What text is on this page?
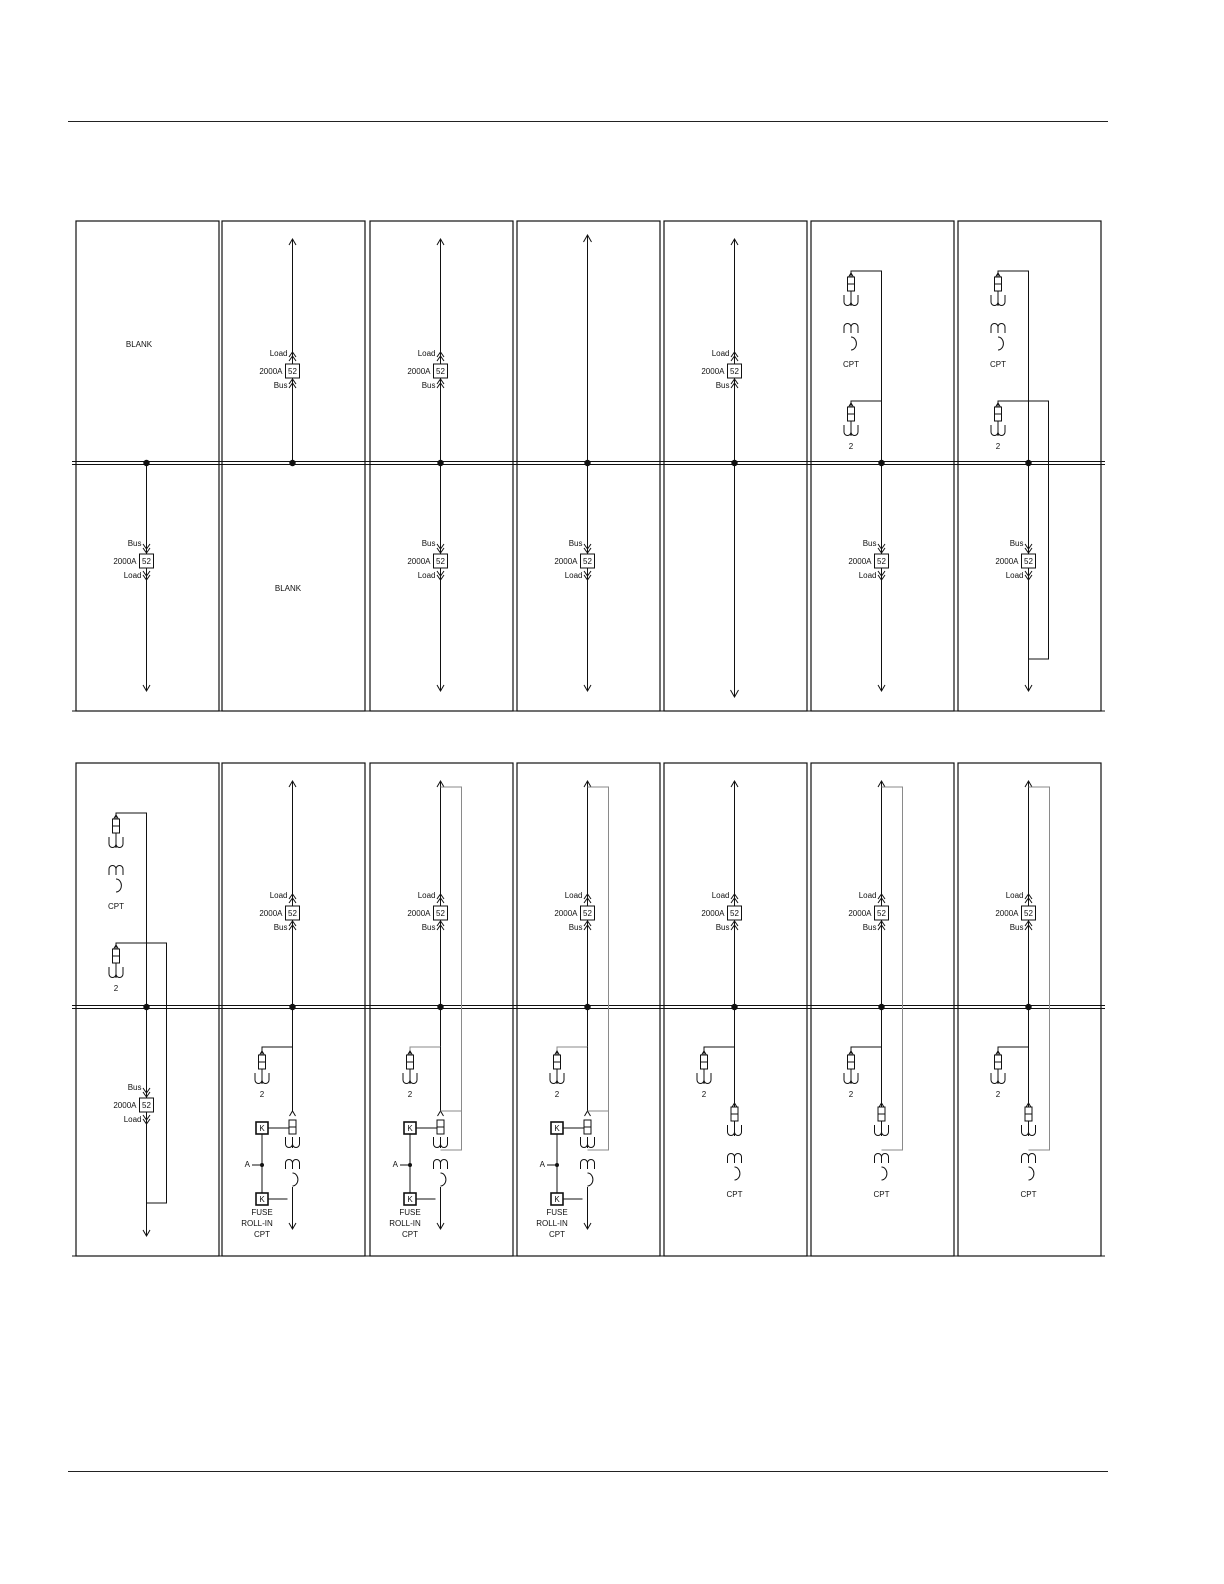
BLANK
52
Bus
2000A
Load
52
Load
2000A
Bus
BLANK
52
Load
2000A
Bus
52
Bus
2000A
Load
52
Bus
2000A
Load
52
Load
2000A
Bus
CPT
2
52
Bus
2000A
Load
CPT
2
52
Bus
2000A
Load
CPT
2
52
Bus
2000A
Load
52
Load
2000A
Bus
2
K
A
K
FUSE
ROLL-IN
CPT
52
Load
2000A
Bus
2
K
A
K
FUSE
ROLL-IN
CPT
52
Load
2000A
Bus
2
K
A
K
FUSE
ROLL-IN
CPT
52
Load
2000A
Bus
2
CPT
52
Load
2000A
Bus
2
CPT
52
Load
2000A
Bus
2
CPT
